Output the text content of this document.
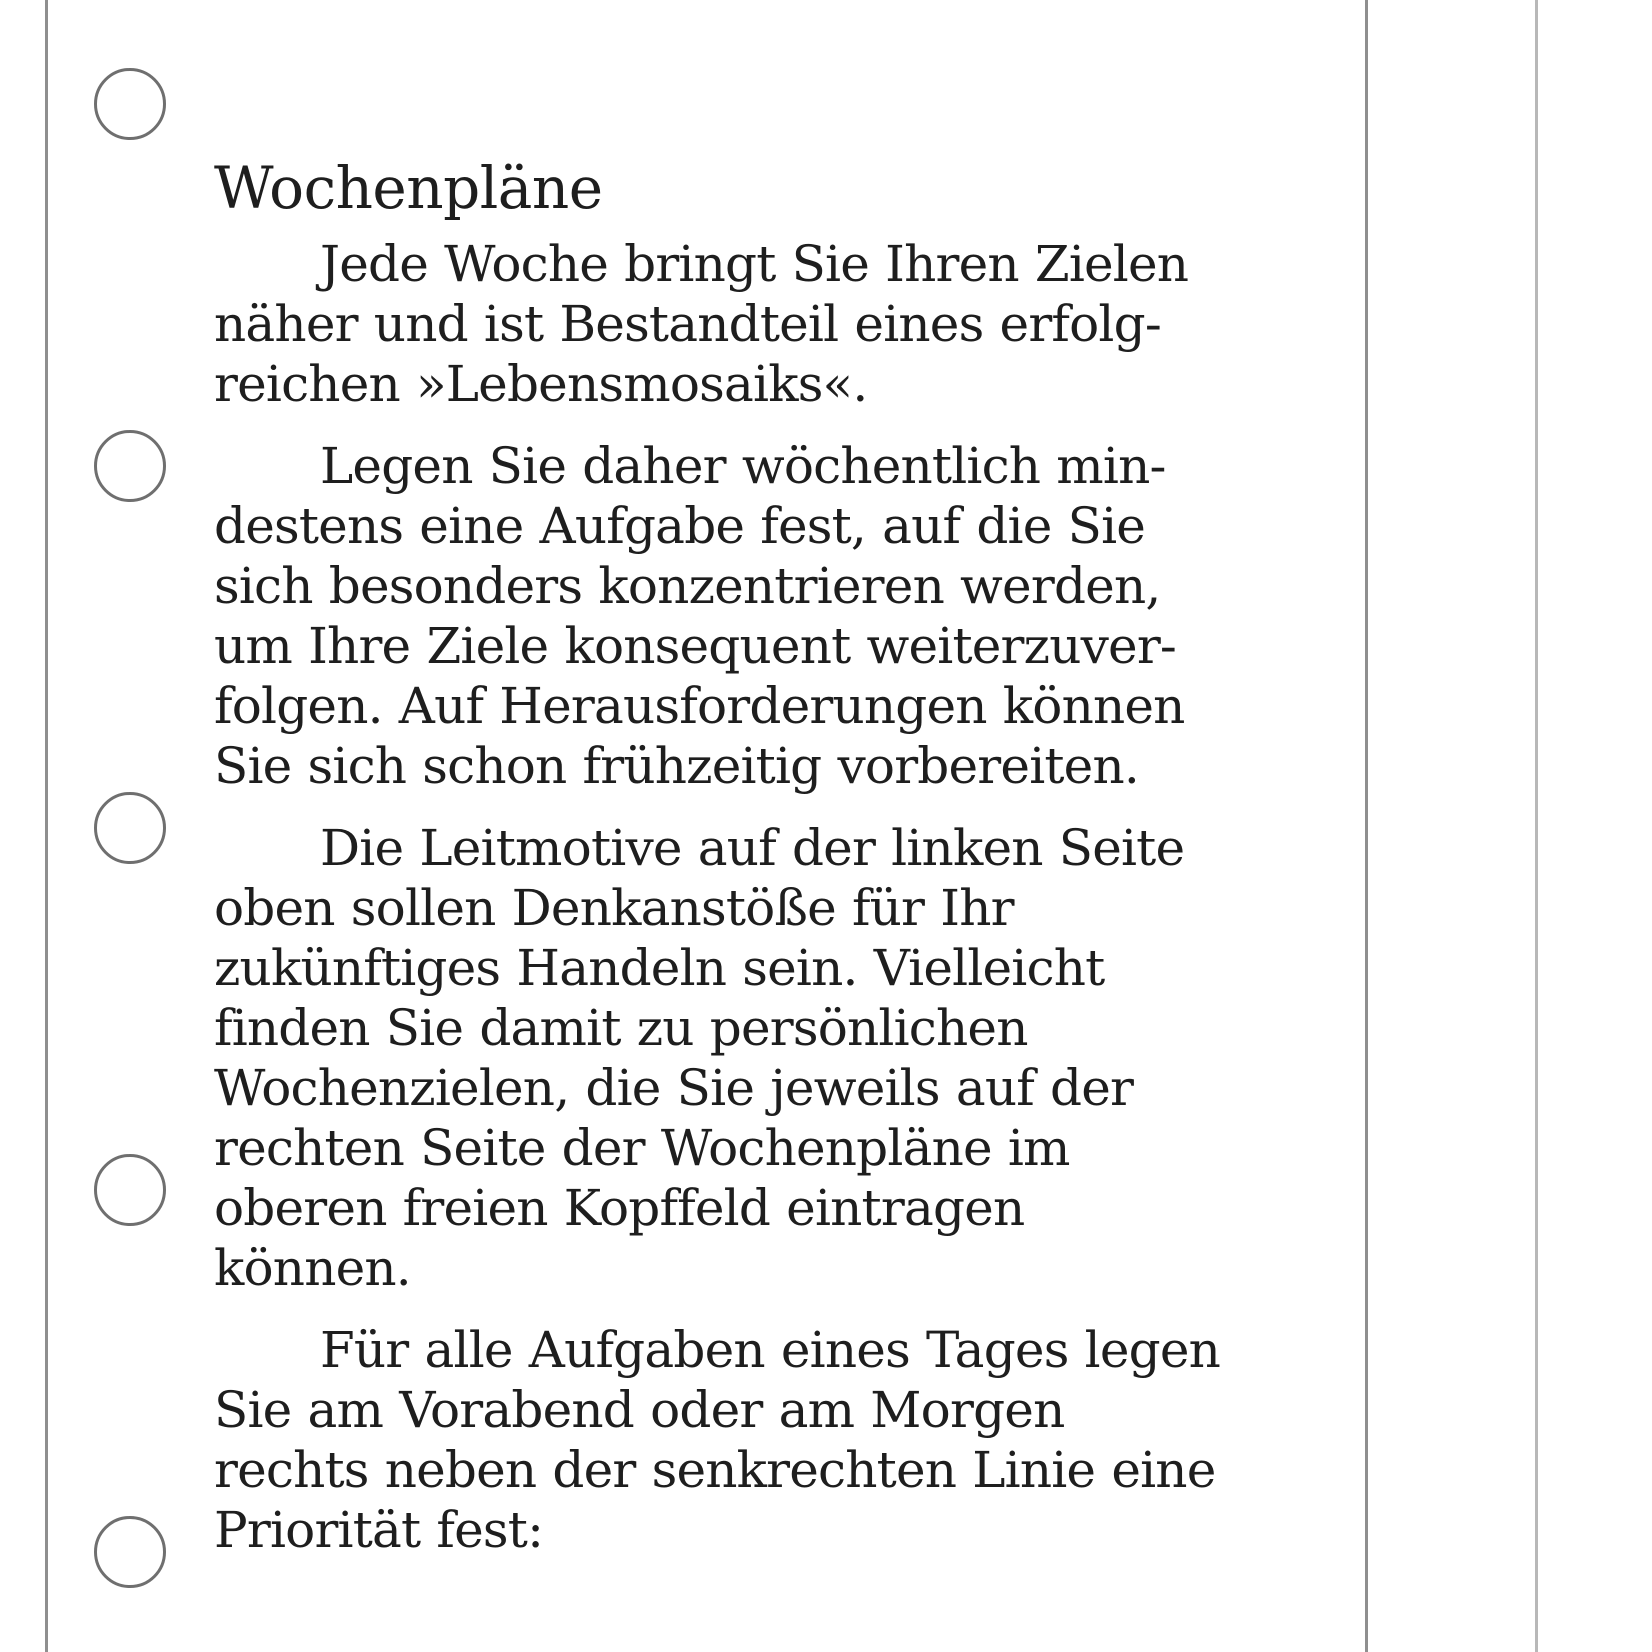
Wochenpläne

Jede Woche bringt Sie Ihren Zielen
näher und ist Bestandteil eines erfolg-
reichen »Lebensmosaiks«.

Legen Sie daher wöchentlich min-
destens eine Aufgabe fest, auf die Sie
sich besonders konzentrieren werden,
um Ihre Ziele konsequent weiterzuver-
folgen. Auf Herausforderungen können
Sie sich schon frühzeitig vorbereiten.

Die Leitmotive auf der linken Seite
oben sollen Denkanstöße für Ihr
zukünftiges Handeln sein. Vielleicht
finden Sie damit zu persönlichen
Wochenzielen, die Sie jeweils auf der
rechten Seite der Wochenpläne im
oberen freien Kopffeld eintragen
können.

Für alle Aufgaben eines Tages legen
Sie am Vorabend oder am Morgen
rechts neben der senkrechten Linie eine
Priorität fest:
